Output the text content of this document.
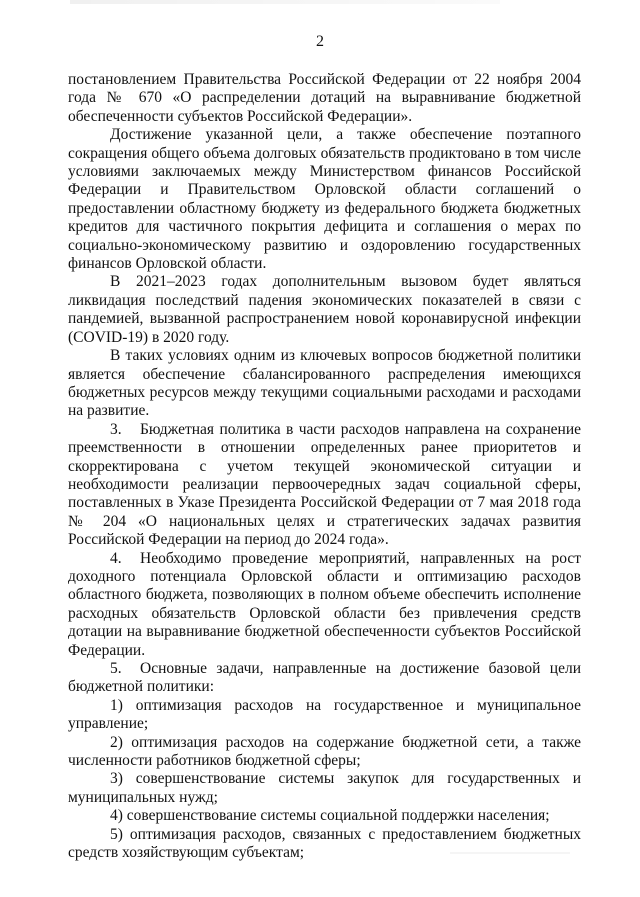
2

постановлением Правительства Российской Федерации от 22 ноября 2004 года № 670 «О распределении дотаций на выравнивание бюджетной обеспеченности субъектов Российской Федерации».

Достижение указанной цели, а также обеспечение поэтапного сокращения общего объема долговых обязательств продиктовано в том числе условиями заключаемых между Министерством финансов Российской Федерации и Правительством Орловской области соглашений о предоставлении областному бюджету из федерального бюджета бюджетных кредитов для частичного покрытия дефицита и соглашения о мерах по социально-экономическому развитию и оздоровлению государственных финансов Орловской области.

В 2021–2023 годах дополнительным вызовом будет являться ликвидация последствий падения экономических показателей в связи с пандемией, вызванной распространением новой коронавирусной инфекции (COVID-19) в 2020 году.

В таких условиях одним из ключевых вопросов бюджетной политики является обеспечение сбалансированного распределения имеющихся бюджетных ресурсов между текущими социальными расходами и расходами на развитие.

3. Бюджетная политика в части расходов направлена на сохранение преемственности в отношении определенных ранее приоритетов и скорректирована с учетом текущей экономической ситуации и необходимости реализации первоочередных задач социальной сферы, поставленных в Указе Президента Российской Федерации от 7 мая 2018 года № 204 «О национальных целях и стратегических задачах развития Российской Федерации на период до 2024 года».

4. Необходимо проведение мероприятий, направленных на рост доходного потенциала Орловской области и оптимизацию расходов областного бюджета, позволяющих в полном объеме обеспечить исполнение расходных обязательств Орловской области без привлечения средств дотации на выравнивание бюджетной обеспеченности субъектов Российской Федерации.

5. Основные задачи, направленные на достижение базовой цели бюджетной политики:

1) оптимизация расходов на государственное и муниципальное управление;

2) оптимизация расходов на содержание бюджетной сети, а также численности работников бюджетной сферы;

3) совершенствование системы закупок для государственных и муниципальных нужд;

4) совершенствование системы социальной поддержки населения;

5) оптимизация расходов, связанных с предоставлением бюджетных средств хозяйствующим субъектам;
